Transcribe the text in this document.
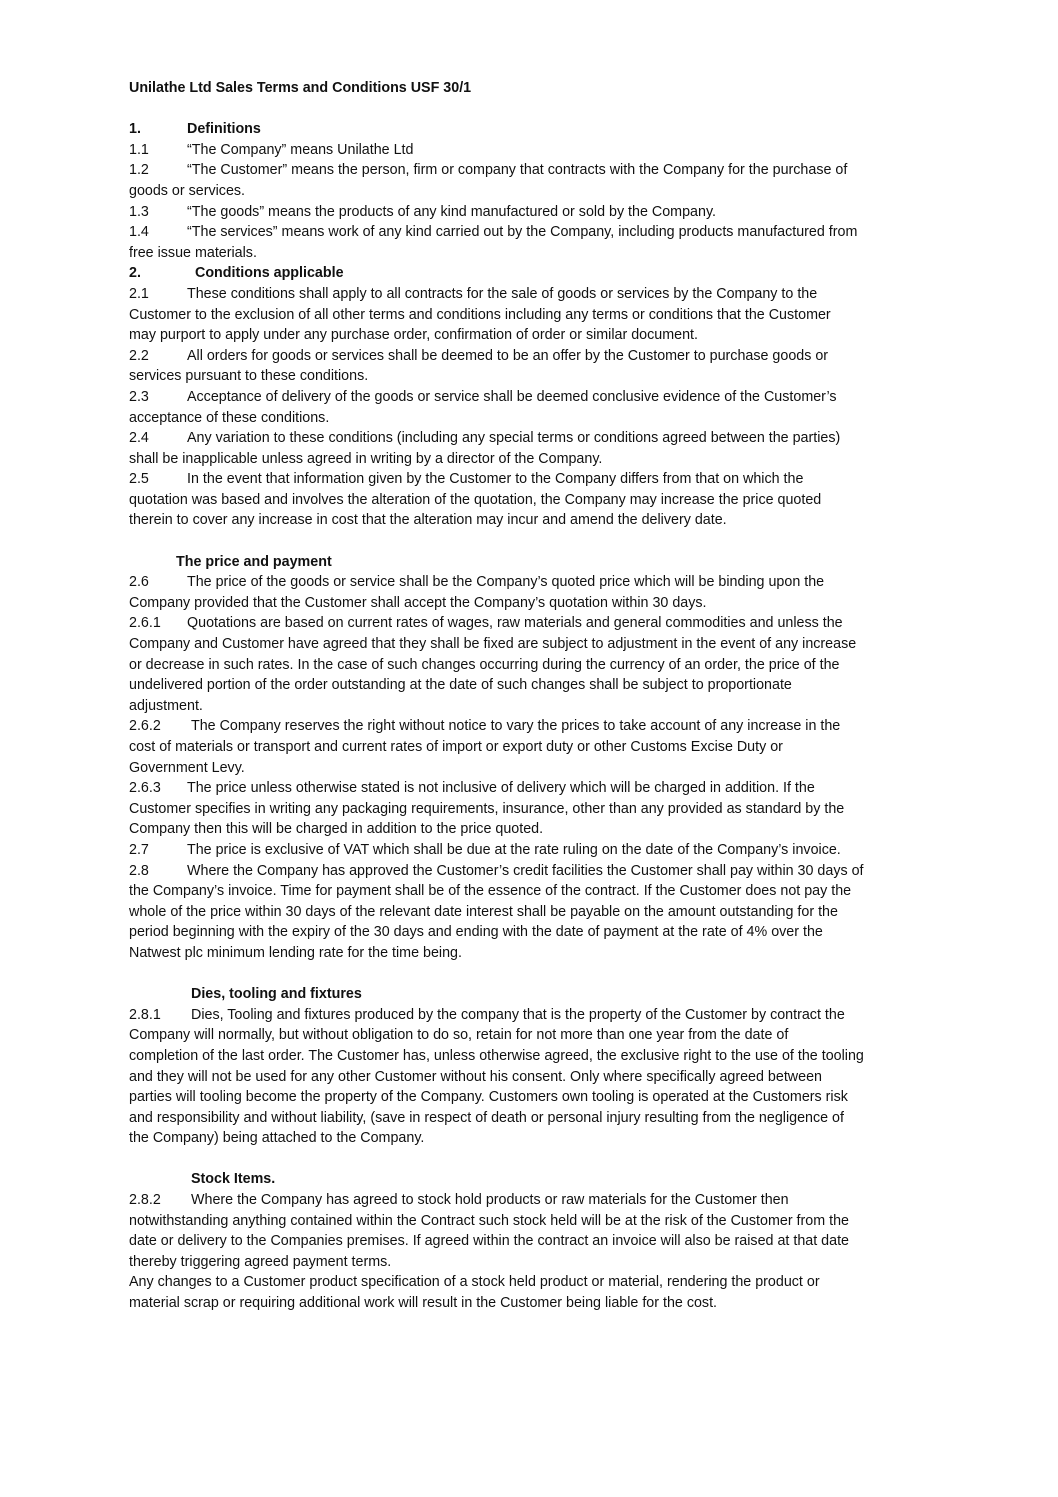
Unilathe Ltd Sales Terms and Conditions USF 30/1
1.	Definitions
1.1	“The Company” means Unilathe Ltd
1.2	“The Customer” means the person, firm or company that contracts with the Company for the purchase of
goods or services.
1.3	“The goods” means the products of any kind manufactured or sold by the Company.
1.4	“The services” means work of any kind carried out by the Company, including products manufactured from
free issue materials.
2.	Conditions applicable
2.1	These conditions shall apply to all contracts for the sale of goods or services by the Company to the
Customer to the exclusion of all other terms and conditions including any terms or conditions that the Customer
may purport to apply under any purchase order, confirmation of order or similar document.
2.2	All orders for goods or services shall be deemed to be an offer by the Customer to purchase goods or
services pursuant to these conditions.
2.3	Acceptance of delivery of the goods or service shall be deemed conclusive evidence of the Customer’s
acceptance of these conditions.
2.4	Any variation to these conditions (including any special terms or conditions agreed between the parties)
shall be inapplicable unless agreed in writing by a director of the Company.
2.5	In the event that information given by the Customer to the Company differs from that on which the
quotation was based and involves the alteration of the quotation, the Company may increase the price quoted
therein to cover any increase in cost that the alteration may incur and amend the delivery date.
The price and payment
2.6	The price of the goods or service shall be the Company’s quoted price which will be binding upon the
Company provided that the Customer shall accept the Company’s quotation within 30 days.
2.6.1 Quotations are based on current rates of wages, raw materials and general commodities and unless the
Company and Customer have agreed that they shall be fixed are subject to adjustment in the event of any increase
or decrease in such rates. In the case of such changes occurring during the currency of an order, the price of the
undelivered portion of the order outstanding at the date of such changes shall be subject to proportionate
adjustment.
2.6.2 The Company reserves the right without notice to vary the prices to take account of any increase in the
cost of materials or transport and current rates of import or export duty or other Customs Excise Duty or
Government Levy.
2.6.3 The price unless otherwise stated is not inclusive of delivery which will be charged in addition. If the
Customer specifies in writing any packaging requirements, insurance, other than any provided as standard by the
Company then this will be charged in addition to the price quoted.
2.7	The price is exclusive of VAT which shall be due at the rate ruling on the date of the Company’s invoice.
2.8	Where the Company has approved the Customer’s credit facilities the Customer shall pay within 30 days of
the Company’s invoice. Time for payment shall be of the essence of the contract. If the Customer does not pay the
whole of the price within 30 days of the relevant date interest shall be payable on the amount outstanding for the
period beginning with the expiry of the 30 days and ending with the date of payment at the rate of 4% over the
Natwest plc minimum lending rate for the time being.
Dies, tooling and fixtures
2.8.1 Dies, Tooling and fixtures produced by the company that is the property of the Customer by contract the
Company will normally, but without obligation to do so, retain for not more than one year from the date of
completion of the last order. The Customer has, unless otherwise agreed, the exclusive right to the use of the tooling
and they will not be used for any other Customer without his consent. Only where specifically agreed between
parties will tooling become the property of the Company. Customers own tooling is operated at the Customers risk
and responsibility and without liability, (save in respect of death or personal injury resulting from the negligence of
the Company) being attached to the Company.
Stock Items.
2.8.2 Where the Company has agreed to stock hold products or raw materials for the Customer then
notwithstanding anything contained within the Contract such stock held will be at the risk of the Customer from the
date or delivery to the Companies premises. If agreed within the contract an invoice will also be raised at that date
thereby triggering agreed payment terms.
Any changes to a Customer product specification of a stock held product or material, rendering the product or
material scrap or requiring additional work will result in the Customer being liable for the cost.
